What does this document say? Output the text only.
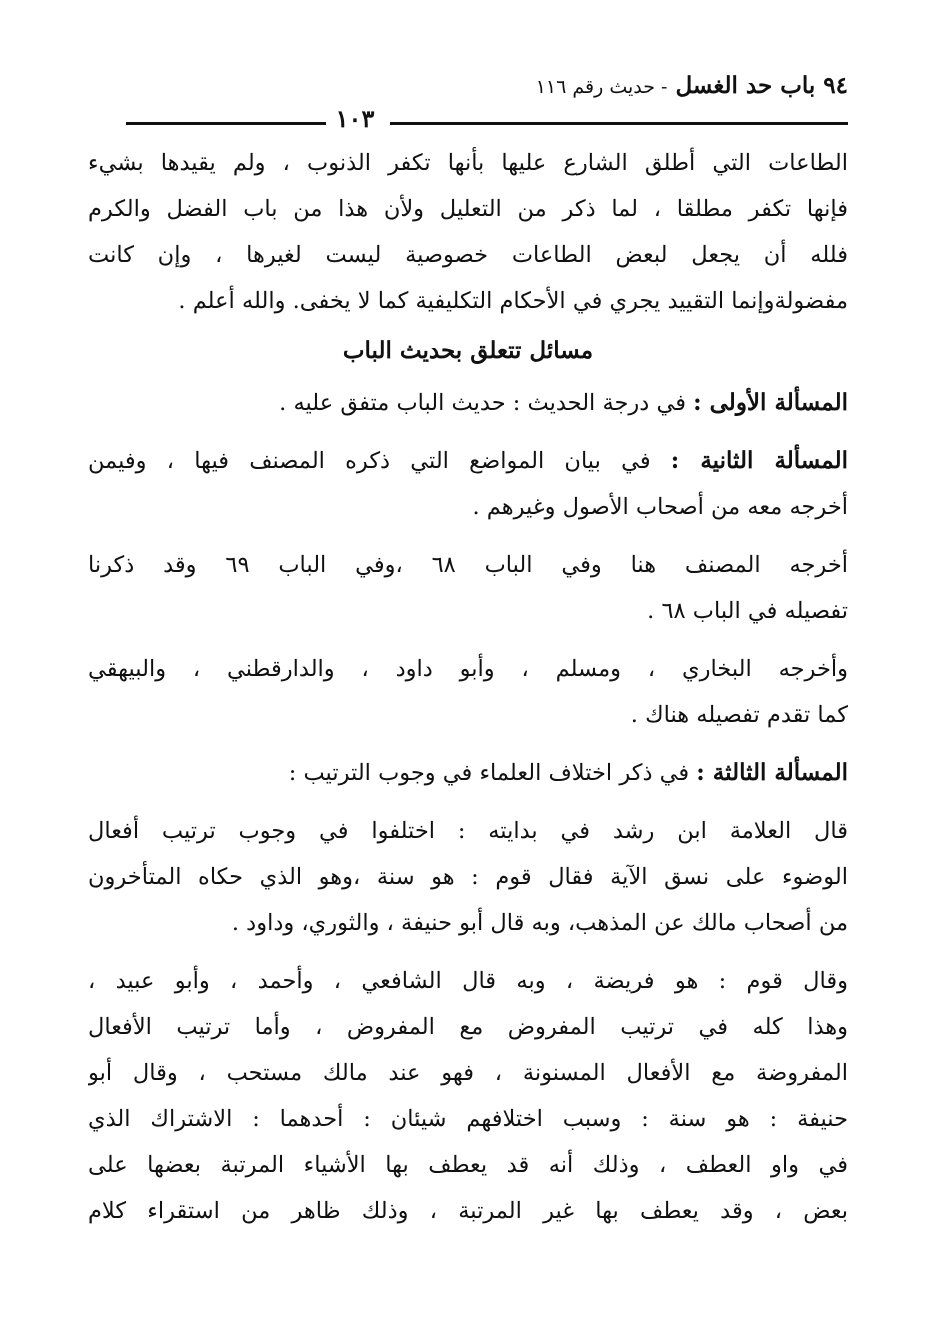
٩٤ باب حد الغسل - حديث رقم ١١٦
١٠٣
الطاعات التي أطلق الشارع عليها بأنها تكفر الذنوب ، ولم يقيدها بشيء
فإنها تكفر مطلقا ، لما ذكر من التعليل ولأن هذا من باب الفضل والكرم
فلله أن يجعل لبعض الطاعات خصوصية ليست لغيرها ، وإن كانت
مفضولةوإنما التقييد يجري في الأحكام التكليفية كما لا يخفى. والله أعلم .
مسائل تتعلق بحديث الباب
المسألة الأولى : في درجة الحديث : حديث الباب متفق عليه .
المسألة الثانية : في بيان المواضع التي ذكره المصنف فيها ، وفيمن
أخرجه معه من أصحاب الأصول وغيرهم .
أخرجه المصنف هنا وفي الباب ٦٨ ،وفي الباب ٦٩ وقد ذكرنا
تفصيله في الباب ٦٨ .
وأخرجه البخاري ، ومسلم ، وأبو داود ، والدارقطني ، والبيهقي
كما تقدم تفصيله هناك .
المسألة الثالثة : في ذكر اختلاف العلماء في وجوب الترتيب :
قال العلامة ابن رشد في بدايته : اختلفوا في وجوب ترتيب أفعال
الوضوء على نسق الآية فقال قوم : هو سنة ،وهو الذي حكاه المتأخرون
من أصحاب مالك عن المذهب، وبه قال أبو حنيفة ، والثوري، وداود .
وقال قوم : هو فريضة ، وبه قال الشافعي ، وأحمد ، وأبو عبيد ،
وهذا كله في ترتيب المفروض مع المفروض ، وأما ترتيب الأفعال
المفروضة مع الأفعال المسنونة ، فهو عند مالك مستحب ، وقال أبو
حنيفة : هو سنة : وسبب اختلافهم شيئان : أحدهما : الاشتراك الذي
في واو العطف ، وذلك أنه قد يعطف بها الأشياء المرتبة بعضها على
بعض ، وقد يعطف بها غير المرتبة ، وذلك ظاهر من استقراء كلام
